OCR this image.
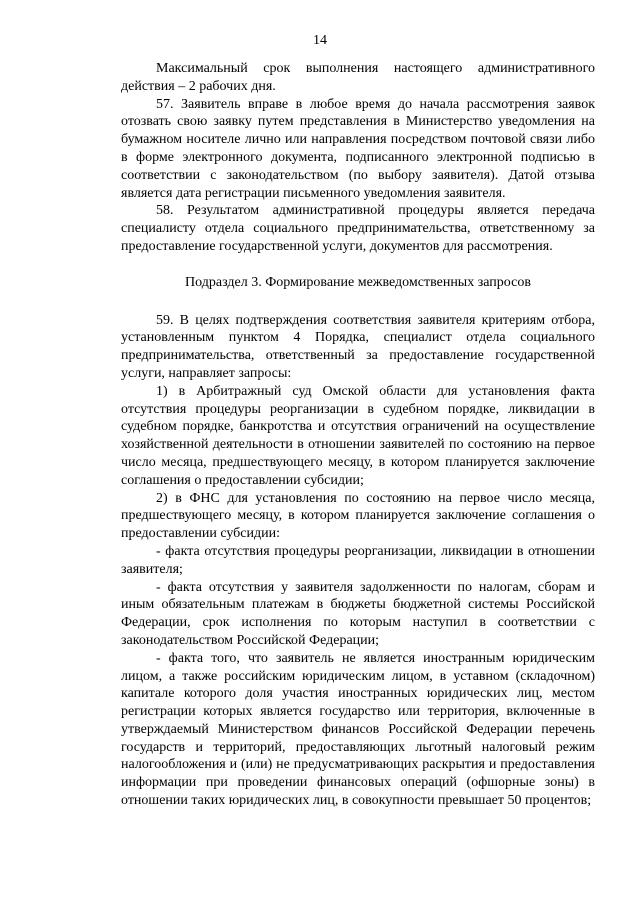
14

Максимальный срок выполнения настоящего административного

действия – 2 рабочих дня.

57. Заявитель вправе в любое время до начала рассмотрения заявок отозвать свою заявку путем представления в Министерство уведомления на бумажном носителе лично или направления посредством почтовой связи либо в форме электронного документа, подписанного электронной подписью в соответствии с законодательством (по выбору заявителя). Датой отзыва является дата регистрации письменного уведомления заявителя.

58. Результатом административной процедуры является передача специалисту отдела социального предпринимательства, ответственному за предоставление государственной услуги, документов для рассмотрения.

Подраздел 3. Формирование межведомственных запросов

59. В целях подтверждения соответствия заявителя критериям отбора, установленным пунктом 4 Порядка, специалист отдела социального предпринимательства, ответственный за предоставление государственной услуги, направляет запросы:

1) в Арбитражный суд Омской области для установления факта отсутствия процедуры реорганизации в судебном порядке, ликвидации в судебном порядке, банкротства и отсутствия ограничений на осуществление хозяйственной деятельности в отношении заявителей по состоянию на первое число месяца, предшествующего месяцу, в котором планируется заключение соглашения о предоставлении субсидии;

2) в ФНС для установления по состоянию на первое число месяца, предшествующего месяцу, в котором планируется заключение соглашения о предоставлении субсидии:

- факта отсутствия процедуры реорганизации, ликвидации в отношении заявителя;

- факта отсутствия у заявителя задолженности по налогам, сборам и иным обязательным платежам в бюджеты бюджетной системы Российской Федерации, срок исполнения по которым наступил в соответствии с законодательством Российской Федерации;

- факта того, что заявитель не является иностранным юридическим лицом, а также российским юридическим лицом, в уставном (складочном) капитале которого доля участия иностранных юридических лиц, местом регистрации которых является государство или территория, включенные в утверждаемый Министерством финансов Российской Федерации перечень государств и территорий, предоставляющих льготный налоговый режим налогообложения и (или) не предусматривающих раскрытия и предоставления информации при проведении финансовых операций (офшорные зоны) в отношении таких юридических лиц, в совокупности превышает 50 процентов;
